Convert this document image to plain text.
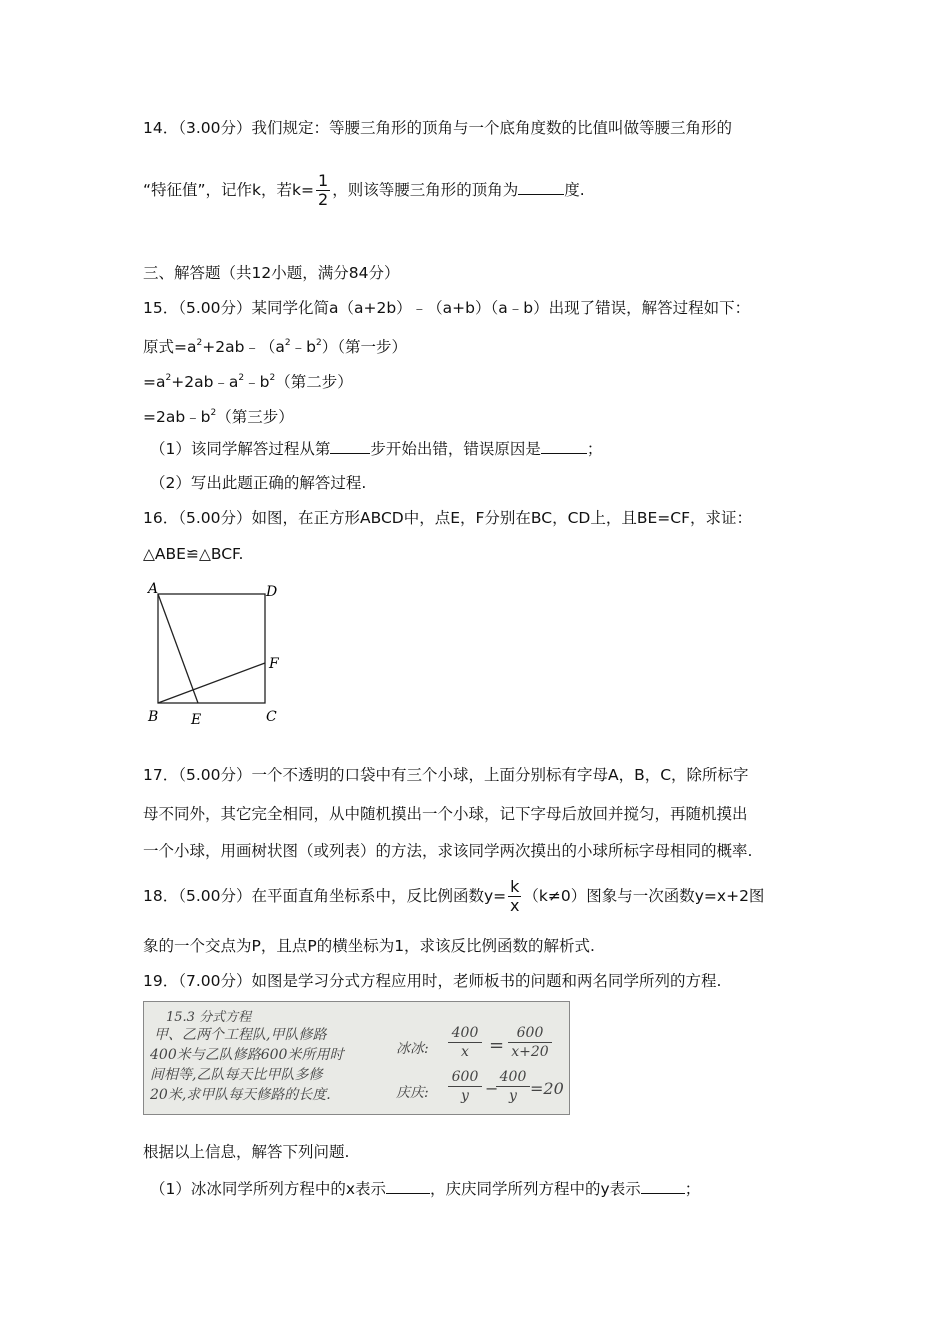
14．（3.00分）我们规定：等腰三角形的顶角与一个底角度数的比值叫做等腰三角形的
“特征值”，记作k，若$k= \frac{1}{2}$ ，则该等腰三角形的顶角为	度.
三、解答题（共12小题，满分84分）
15．（5.00分）某同学化简a（a+2b）﹣（a+b）（a﹣b）出现了错误，解答过程如下：
原式$=a^2+2ab﹣(a^2﹣b^2)$（第一步）
$=a^2+2ab﹣a^2﹣b^2$（第二步）
$=2ab﹣b^2$（第三步）
（1）该同学解答过程从第	步开始出错，错误原因是	；
（2）写出此题正确的解答过程.
16．（5.00分）如图，在正方形ABCD中，点E，F分别在BC，CD上，且BE=CF，求证：
△ABE≌△BCF.
A	D
F
B E	C
17．（5.00分）一个不透明的口袋中有三个小球，上面分别标有字母A，B，C，除所标字
母不同外，其它完全相同，从中随机摸出一个小球，记下字母后放回并搅匀，再随机摸出
一个小球，用画树状图（或列表）的方法，求该同学两次摸出的小球所标字母相同的概率.
18．（5.00分）在平面直角坐标系中，反比例函数$y= \frac{k}{x} (k\ne 0)$图象与一次函数y=x+2图
象的一个交点为P，且点P的横坐标为1，求该反比例函数的解析式.
19．（7.00分）如图是学习分式方程应用时，老师板书的问题和两名同学所列的方程.
15.3 分式方程
甲、乙两个工程队,甲队修路
400米与乙队修路600米所用时
间相等,乙队每天比甲队多修
20米,求甲队每天修路的长度.
冰冰: $\frac{400}{x} = \frac{600}{x+20}$
庆庆: $\frac{600}{y}$ −
$\frac{400}{y} =20$
根据以上信息，解答下列问题.
（1）冰冰同学所列方程中的x表示	，庆庆同学所列方程中的y表示	；
